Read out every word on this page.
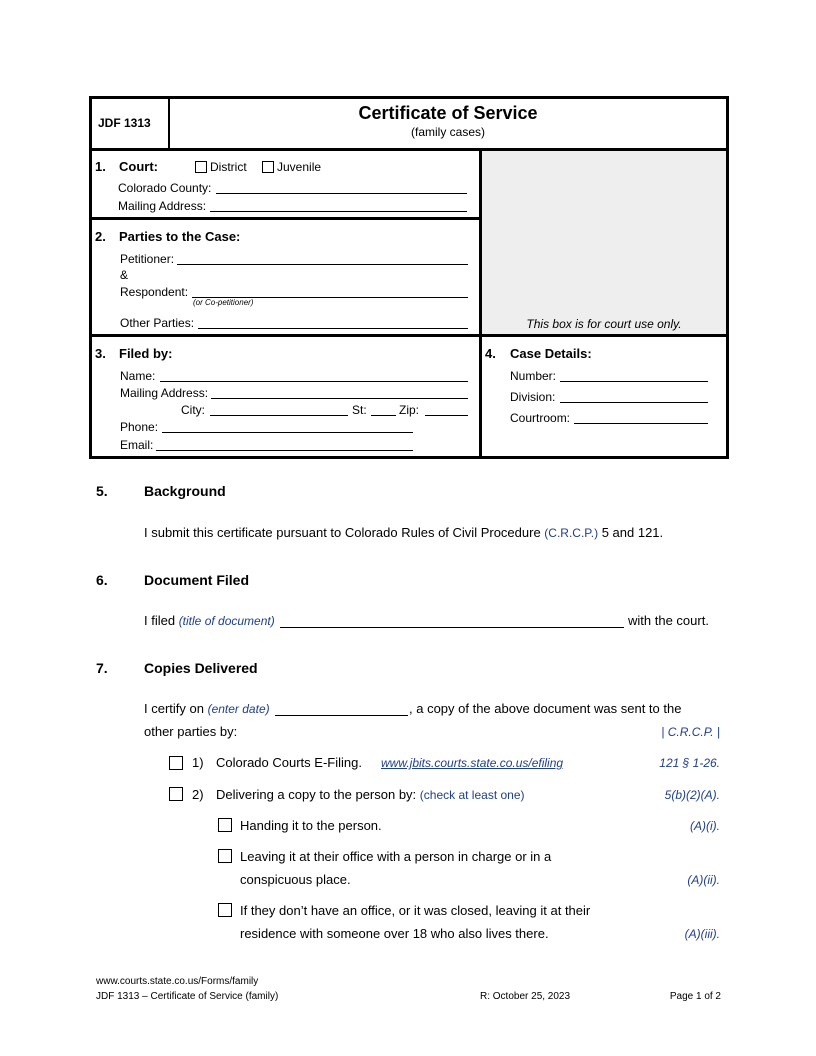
JDF 1313	Certificate of Service
(family cases)
1. Court:	District	Juvenile
Colorado County:
Mailing Address:
2. Parties to the Case:
Petitioner:
&
Respondent:
(or Co-petitioner)
Other Parties:	This box is for court use only.
3. Filed by:
Name:
Mailing Address:
City:	St:	Zip:
Phone:
Email:
4. Case Details:
Number:
Division:
Courtroom:
5.	Background
I submit this certificate pursuant to Colorado Rules of Civil Procedure (C.R.C.P.) 5 and 121.
6.	Document Filed
I filed (title of document)	with the court.
7.	Copies Delivered
I certify on (enter date)	, a copy of the above document was sent to the
other parties by:	| C.R.C.P. |
1) Colorado Courts E-Filing. www.jbits.courts.state.co.us/efiling	121 § 1-26.
2) Delivering a copy to the person by: (check at least one)	5(b)(2)(A).
Handing it to the person.	(A)(i).
Leaving it at their office with a person in charge or in a
conspicuous place.	(A)(ii).
If they don’t have an office, or it was closed, leaving it at their
residence with someone over 18 who also lives there.	(A)(iii).
www.courts.state.co.us/Forms/family
JDF 1313 – Certificate of Service (family)	R: October 25, 2023	Page 1 of 2
